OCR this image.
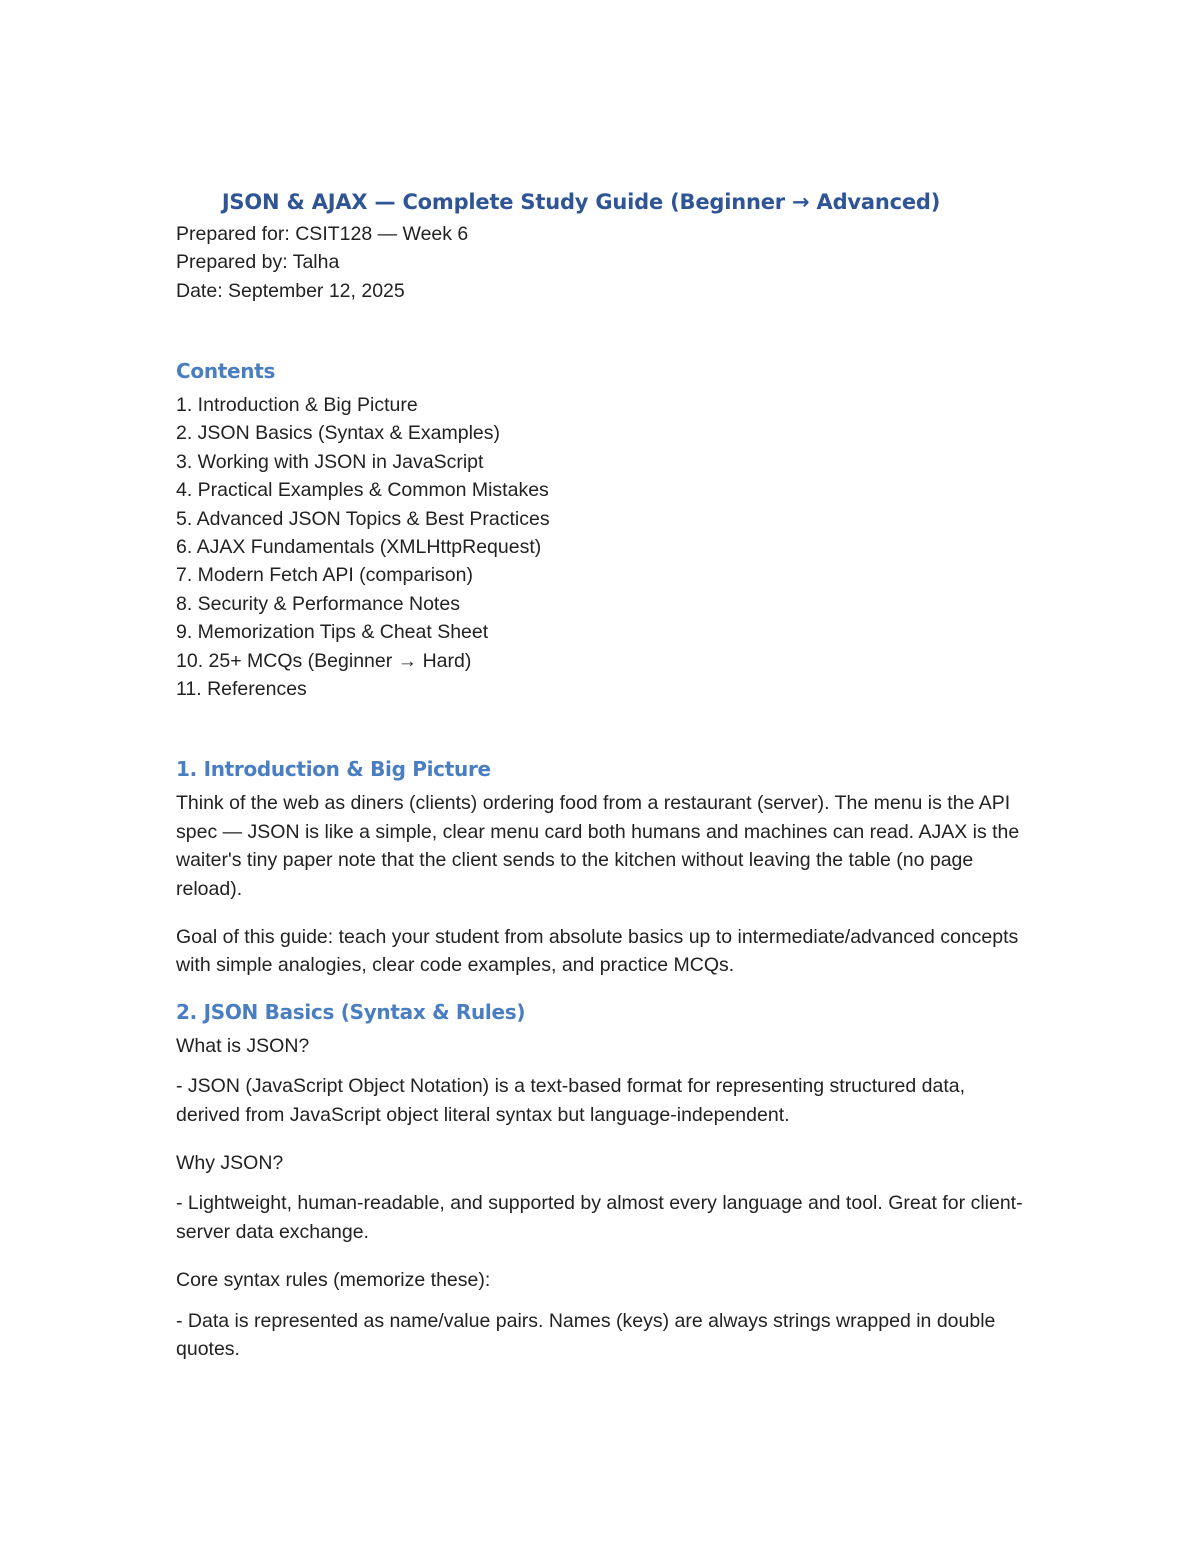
JSON & AJAX — Complete Study Guide (Beginner → Advanced)

Prepared for: CSIT128 — Week 6

Prepared by: Talha

Date: September 12, 2025

Contents
1. Introduction & Big Picture
2. JSON Basics (Syntax & Examples)
3. Working with JSON in JavaScript
4. Practical Examples & Common Mistakes
5. Advanced JSON Topics & Best Practices
6. AJAX Fundamentals (XMLHttpRequest)
7. Modern Fetch API (comparison)
8. Security & Performance Notes
9. Memorization Tips & Cheat Sheet
10. 25+ MCQs (Beginner → Hard)
11. References
1. Introduction & Big Picture

Think of the web as diners (clients) ordering food from a restaurant (server). The menu is the API spec — JSON is like a simple, clear menu card both humans and machines can read. AJAX is the waiter's tiny paper note that the client sends to the kitchen without leaving the table (no page reload).

Goal of this guide: teach your student from absolute basics up to intermediate/advanced concepts with simple analogies, clear code examples, and practice MCQs.

2. JSON Basics (Syntax & Rules)

What is JSON?

- JSON (JavaScript Object Notation) is a text-based format for representing structured data, derived from JavaScript object literal syntax but language-independent.

Why JSON?

- Lightweight, human-readable, and supported by almost every language and tool. Great for client-server data exchange.

Core syntax rules (memorize these):

- Data is represented as name/value pairs. Names (keys) are always strings wrapped in double quotes.
